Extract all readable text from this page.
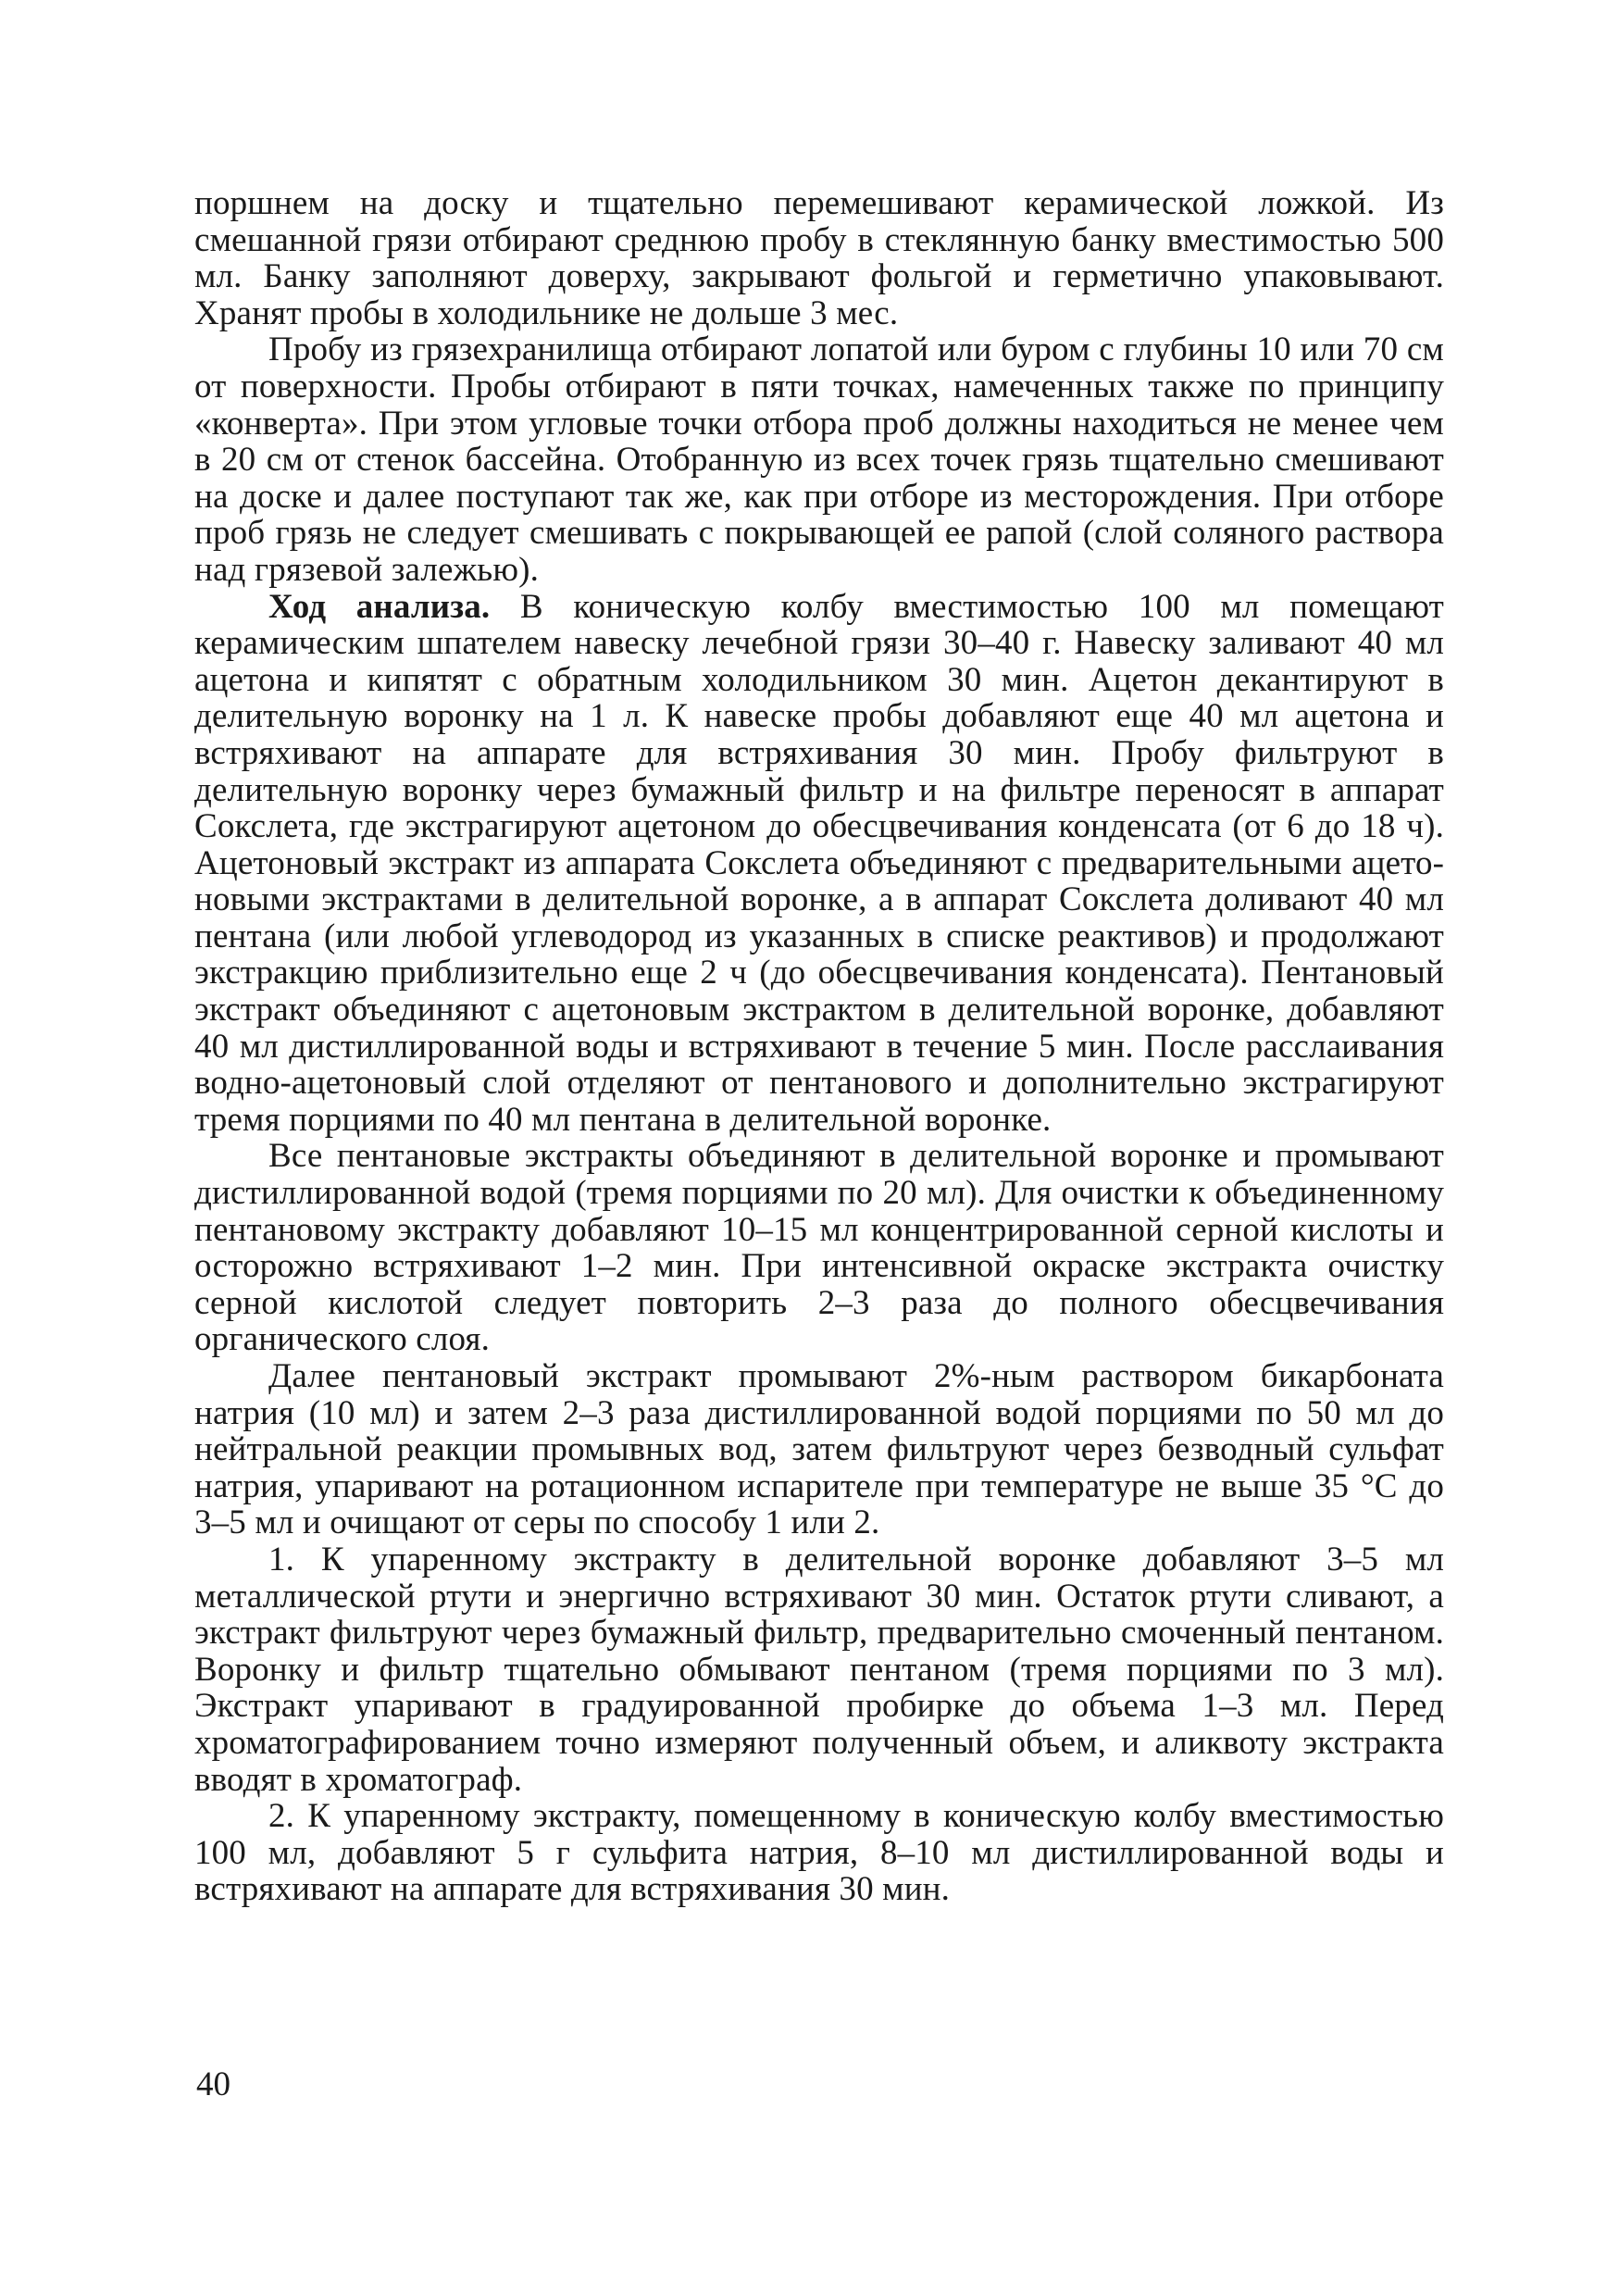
поршнем на доску и тщательно перемешивают керамической ложкой. Из смешанной грязи отбирают среднюю пробу в стеклянную банку вместимостью 500 мл. Банку заполняют доверху, закрывают фольгой и герметично упаковывают. Хранят пробы в холодильнике не дольше 3 мес.

Пробу из грязехранилища отбирают лопатой или буром с глубины 10 или 70 см от поверхности. Пробы отбирают в пяти точках, намеченных также по принципу «конверта». При этом угловые точки отбора проб должны находиться не менее чем в 20 см от стенок бассейна. Отобранную из всех точек грязь тщательно смешивают на доске и далее поступают так же, как при отборе из месторождения. При отборе проб грязь не следует смешивать с покрывающей ее рапой (слой соляного раствора над грязевой залежью).

Ход анализа. В коническую колбу вместимостью 100 мл помещают керамическим шпателем навеску лечебной грязи 30–40 г. Навеску заливают 40 мл ацетона и кипятят с обратным холодильником 30 мин. Ацетон декантируют в делительную воронку на 1 л. К навеске пробы добавляют еще 40 мл ацетона и встряхивают на аппарате для встряхивания 30 мин. Пробу фильтруют в делительную воронку через бумажный фильтр и на фильтре переносят в аппарат Сокслета, где экстрагируют ацетоном до обесцвечивания конденсата (от 6 до 18 ч). Ацетоновый экстракт из аппарата Сокслета объединяют с предварительными ацетоновыми экстрактами в делительной воронке, а в аппарат Сокслета доливают 40 мл пентана (или любой углеводород из указанных в списке реактивов) и продолжают экстракцию приблизительно еще 2 ч (до обесцвечивания конденсата). Пентановый экстракт объединяют с ацетоновым экстрактом в делительной воронке, добавляют 40 мл дистиллированной воды и встряхивают в течение 5 мин. После расслаивания водно-ацетоновый слой отделяют от пентанового и дополнительно экстрагируют тремя порциями по 40 мл пентана в делительной воронке.

Все пентановые экстракты объединяют в делительной воронке и промывают дистиллированной водой (тремя порциями по 20 мл). Для очистки к объединенному пентановому экстракту добавляют 10–15 мл концентрированной серной кислоты и осторожно встряхивают 1–2 мин. При интенсивной окраске экстракта очистку серной кислотой следует повторить 2–3 раза до полного обесцвечивания органического слоя.

Далее пентановый экстракт промывают 2%-ным раствором бикарбоната натрия (10 мл) и затем 2–3 раза дистиллированной водой порциями по 50 мл до нейтральной реакции промывных вод, затем фильтруют через безводный сульфат натрия, упаривают на ротационном испарителе при температуре не выше 35 °С до 3–5 мл и очищают от серы по способу 1 или 2.

1. К упаренному экстракту в делительной воронке добавляют 3–5 мл металлической ртути и энергично встряхивают 30 мин. Остаток ртути сливают, а экстракт фильтруют через бумажный фильтр, предварительно смоченный пентаном. Воронку и фильтр тщательно обмывают пентаном (тремя порциями по 3 мл). Экстракт упаривают в градуированной пробирке до объема 1–3 мл. Перед хроматографированием точно измеряют полученный объем, и аликвоту экстракта вводят в хроматограф.

2. К упаренному экстракту, помещенному в коническую колбу вместимостью 100 мл, добавляют 5 г сульфита натрия, 8–10 мл дистиллированной воды и встряхивают на аппарате для встряхивания 30 мин.

40
